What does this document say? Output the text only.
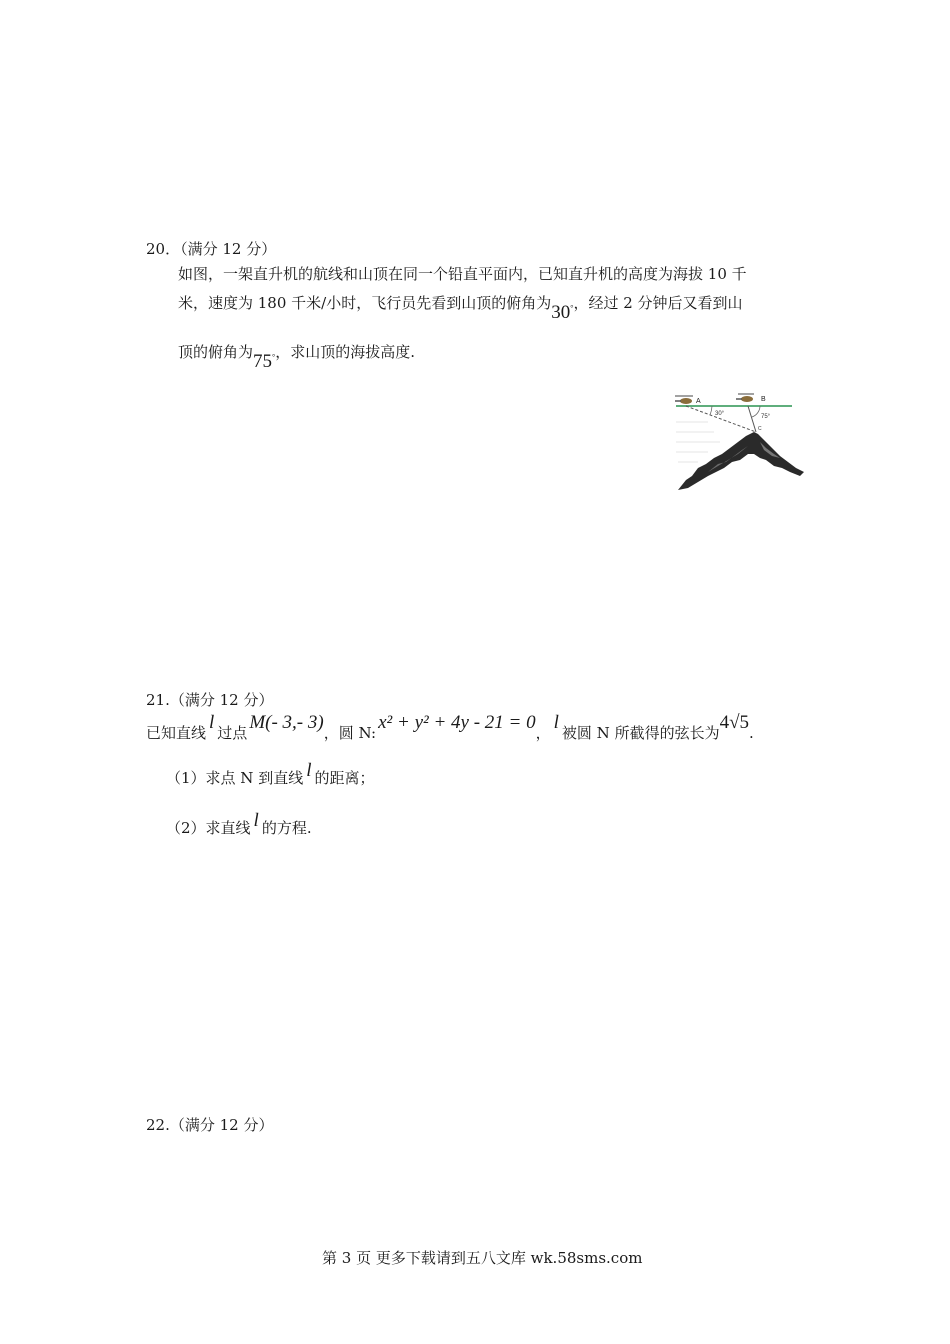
20．（满分 12 分）
如图，一架直升机的航线和山顶在同一个铅直平面内，已知直升机的高度为海拔 10 千
米，速度为 180 千米/小时，飞行员先看到山顶的俯角为30°，经过 2 分钟后又看到山
顶的俯角为75°，求山顶的海拔高度.
A	B
30°	75°
C
21.（满分 12 分）
已知直线 l 过点 M(- 3,- 3)，圆 N: x² + y² + 4y - 21 = 0， l 被圆 N 所截得的弦长为4√5.
（1）求点 N 到直线 l 的距离；
（2）求直线 l 的方程.
22.（满分 12 分）
第 3 页 更多下载请到五八文库 wk.58sms.com
